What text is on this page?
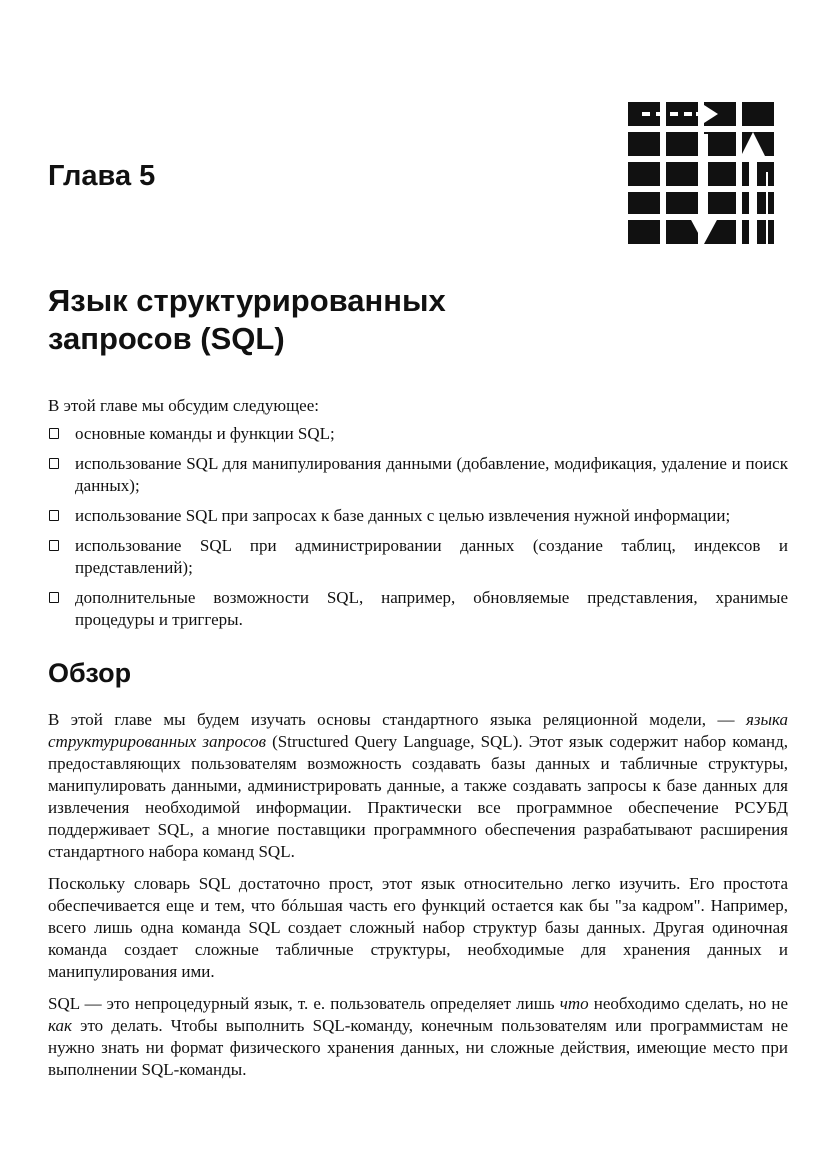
Глава 5
Язык структурированных
запросов (SQL)

В этой главе мы обсудим следующее:

основные команды и функции SQL;
использование SQL для манипулирования данными (добавление, модификация, удаление и поиск данных);
использование SQL при запросах к базе данных с целью извлечения нужной информации;
использование SQL при администрировании данных (создание таблиц, индексов и представлений);
дополнительные возможности SQL, например, обновляемые представления, хранимые процедуры и триггеры.
Обзор

В этой главе мы будем изучать основы стандартного языка реляционной модели, — языка структурированных запросов (Structured Query Language, SQL). Этот язык содержит набор команд, предоставляющих пользователям возможность создавать базы данных и табличные структуры, манипулировать данными, администрировать данные, а также создавать запросы к базе данных для извлечения необходимой информации. Практически все программное обеспечение РСУБД поддерживает SQL, а многие поставщики программного обеспечения разрабатывают расширения стандартного набора команд SQL.

Поскольку словарь SQL достаточно прост, этот язык относительно легко изучить. Его простота обеспечивается еще и тем, что бóльшая часть его функций остается как бы "за кадром". Например, всего лишь одна команда SQL создает сложный набор структур базы данных. Другая одиночная команда создает сложные табличные структуры, необходимые для хранения данных и манипулирования ими.

SQL — это непроцедурный язык, т. е. пользователь определяет лишь что необходимо сделать, но не как это делать. Чтобы выполнить SQL-команду, конечным пользователям или программистам не нужно знать ни формат физического хранения данных, ни сложные действия, имеющие место при выполнении SQL-команды.
